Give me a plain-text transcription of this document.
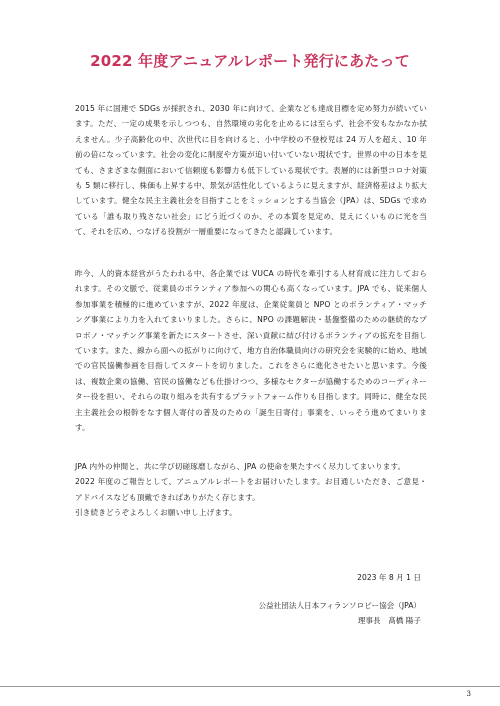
2022 年度アニュアルレポート発行にあたって
2015 年に国連で SDGs が採択され、2030 年に向けて、企業なども達成目標を定め努力が続いています。ただ、一定の成果を示しつつも、自然環境の劣化を止めるには至らず、社会不安もなかなか拭えません。少子高齢化の中、次世代に目を向けると、小中学校の不登校児は 24 万人を超え、10 年前の倍になっています。社会の変化に制度や方策が追い付いていない現状です。世界の中の日本を見ても、さまざまな側面において信頼度も影響力も低下している現状です。表層的には新型コロナ対策も 5 類に移行し、株価も上昇する中、景気が活性化しているように見えますが、経済格差はより拡大しています。健全な民主主義社会を目指すことをミッションとする当協会（JPA）は、SDGs で求めている「誰も取り残さない社会」にどう近づくのか、その本質を見定め、見えにくいものに光を当て、それを広め、つなげる役割が一層重要になってきたと認識しています。
昨今、人的資本経営がうたわれる中、各企業では VUCA の時代を牽引する人材育成に注力しておられます。その文脈で、従業員のボランティア参加への関心も高くなっています。JPA でも、従来個人参加事業を積極的に進めていますが、2022 年度は、企業従業員と NPO とのボランティア・マッチング事業により力を入れてまいりました。さらに、NPO の課題解決・基盤整備のための継続的なプロボノ・マッチング事業を新たにスタートさせ、深い貢献に結び付けるボランティアの拡充を目指しています。また、線から面への拡がりに向けて、地方自治体職員向けの研究会を実験的に始め、地域での官民協働参画を目指してスタートを切りました。これをさらに進化させたいと思います。今後は、複数企業の協働、官民の協働なども仕掛けつつ、多様なセクターが協働するためのコーディネーター役を担い、それらの取り組みを共有するプラットフォーム作りも目指します。同時に、健全な民主主義社会の根幹をなす個人寄付の普及のための「誕生日寄付」事業を、いっそう進めてまいります。
JPA 内外の仲間と、共に学び切磋琢磨しながら、JPA の使命を果たすべく尽力してまいります。
2022 年度のご報告として、アニュアルレポートをお届けいたします。お目通しいただき、ご意見・アドバイスなども頂戴できればありがたく存じます。
引き続きどうぞよろしくお願い申し上げます。
2023 年 8 月 1 日
公益社団法人日本フィランソロピー協会（JPA）
理事長　髙橋 陽子
3
